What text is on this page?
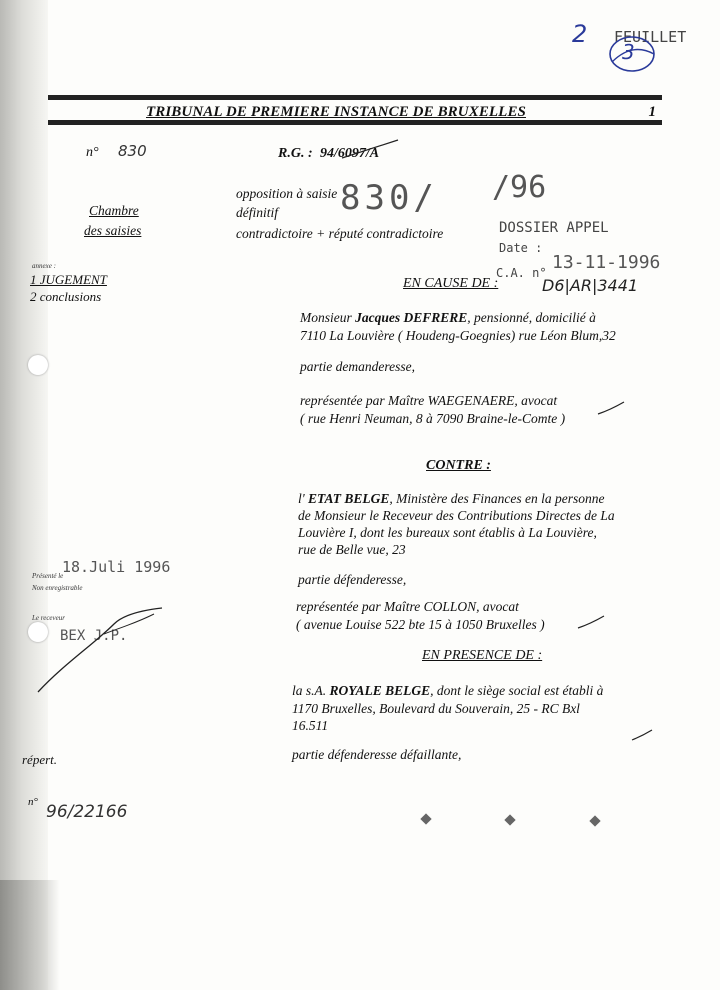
2 FEUILLET
3
TRIBUNAL DE PREMIERE INSTANCE DE BRUXELLES	1
n° 830	R.G. : 94/6097/A
Chambre
des saisies
opposition à saisie
définitif
contradictoire + réputé contradictoire
830/ /96
DOSSIER APPEL
Date :
13-11-1996
C.A. n°
D6|AR|3441
annexe :
1 JUGEMENT
2 conclusions
EN CAUSE DE :
Monsieur Jacques DEFRERE, pensionné, domicilié à
7110 La Louvière ( Houdeng-Goegnies) rue Léon Blum,32
partie demanderesse,
représentée par Maître WAEGENAERE, avocat
( rue Henri Neuman, 8 à 7090 Braine-le-Comte )
CONTRE :
l' ETAT BELGE, Ministère des Finances en la personne
de Monsieur le Receveur des Contributions Directes de La
Louvière I, dont les bureaux sont établis à La Louvière,
rue de Belle vue, 23
partie défenderesse,
représentée par Maître COLLON, avocat
( avenue Louise 522 bte 15 à 1050 Bruxelles )
18.Juli 1996
Présenté le
Non enregistrable
Le receveur
BEX J.P.
EN PRESENCE DE :
la s.A. ROYALE BELGE, dont le siège social est établi à
1170 Bruxelles, Boulevard du Souverain, 25 - RC Bxl
16.511
partie défenderesse défaillante,
répert.
n° 96/22166
